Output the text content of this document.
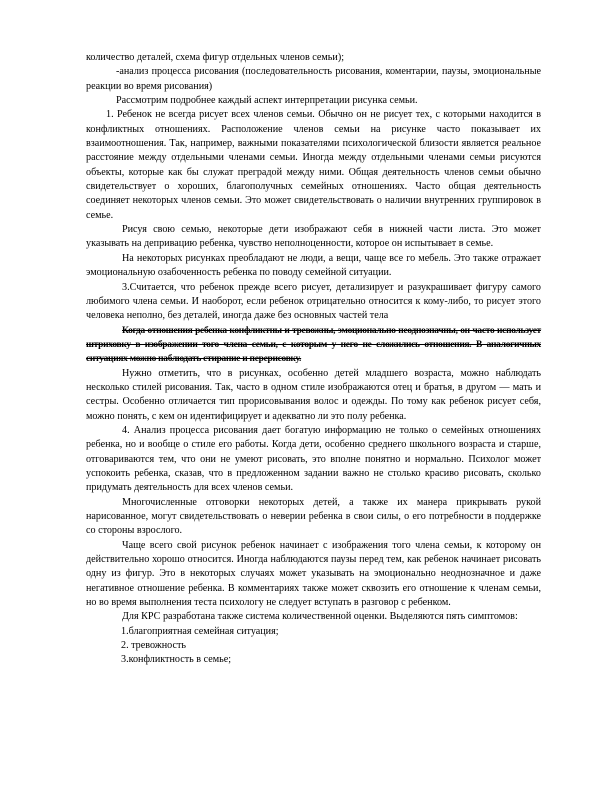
количество деталей, схема фигур отдельных членов семьи);

-анализ процесса рисования (последовательность рисования, коментарии, паузы, эмоциональные реакции во время рисования)

Рассмотрим подробнее каждый аспект интерпретации рисунка семьи.

1. Ребенок не всегда рисует всех членов семьи. Обычно он не рисует тех, с которыми находится в конфликтных отношениях. Расположение членов семьи на рисунке часто показывает их взаимоотношения. Так, например, важными показателями психологической близости является реальное расстояние между отдельными членами семьи. Иногда между отдельными членами семьи рисуются объекты, которые как бы служат преградой между ними. Общая деятельность членов семьи обычно свидетельствует о хороших, благополучных семейных отношениях. Часто общая деятельность соединяет некоторых членов семьи. Это может свидетельствовать о наличии внутренних группировок в семье.

Рисуя свою семью, некоторые дети изображают себя в нижней части листа. Это может указывать на депривацию ребенка, чувство неполноценности, которое он испытывает в семье.

На некоторых рисунках преобладают не люди, а вещи, чаще все го мебель. Это также отражает эмоциональную озабоченность ребенка по поводу семейной ситуации.

3.Считается, что ребенок прежде всего рисует, детализирует и разукрашивает фигуру самого любимого члена семьи. И наоборот, если ребенок отрицательно относится к кому-либо, то рисует этого человека неполно, без деталей, иногда даже без основных частей тела

Когда отношения ребенка конфликтны и тревожны, эмоционально неоднозначны, он часто использует штриховку в изображении того члена семьи, с которым у него не сложились отношения. В аналогичных ситуациях можно наблюдать стирание и перерисовку.

Нужно отметить, что в рисунках, особенно детей младшего возраста, можно наблюдать несколько стилей рисования. Так, часто в одном стиле изображаются отец и братья, в другом — мать и сестры. Особенно отличается тип прорисовывания волос и одежды. По тому как ребенок рисует себя, можно понять, с кем он идентифицирует и адекватно ли это полу ребенка.

4. Анализ процесса рисования дает богатую информацию не только о семейных отношениях ребенка, но и вообще о стиле его работы. Когда дети, особенно среднего школьного возраста и старше, отговариваются тем, что они не умеют рисовать, это вполне понятно и нормально. Психолог может успокоить ребенка, сказав, что в предложенном задании важно не столько красиво рисовать, сколько придумать деятельность для всех членов семьи.

Многочисленные отговорки некоторых детей, а также их манера прикрывать рукой нарисованное, могут свидетельствовать о неверии ребенка в свои силы, о его потребности в поддержке со стороны взрослого.

Чаще всего свой рисунок ребенок начинает с изображения того члена семьи, к которому он действительно хорошо относится. Иногда наблюдаются паузы перед тем, как ребенок начинает рисовать одну из фигур. Это в некоторых случаях может указывать на эмоционально неоднозначное и даже негативное отношение ребенка. В комментариях также может сквозить его отношение к членам семьи, но во время выполнения теста психологу не следует вступать в разговор с ребенком.

Для КРС разработана также система количественной оценки. Выделяются пять симптомов:

1.благоприятная семейная ситуация;

2. тревожность

3.конфликтность в семье;
